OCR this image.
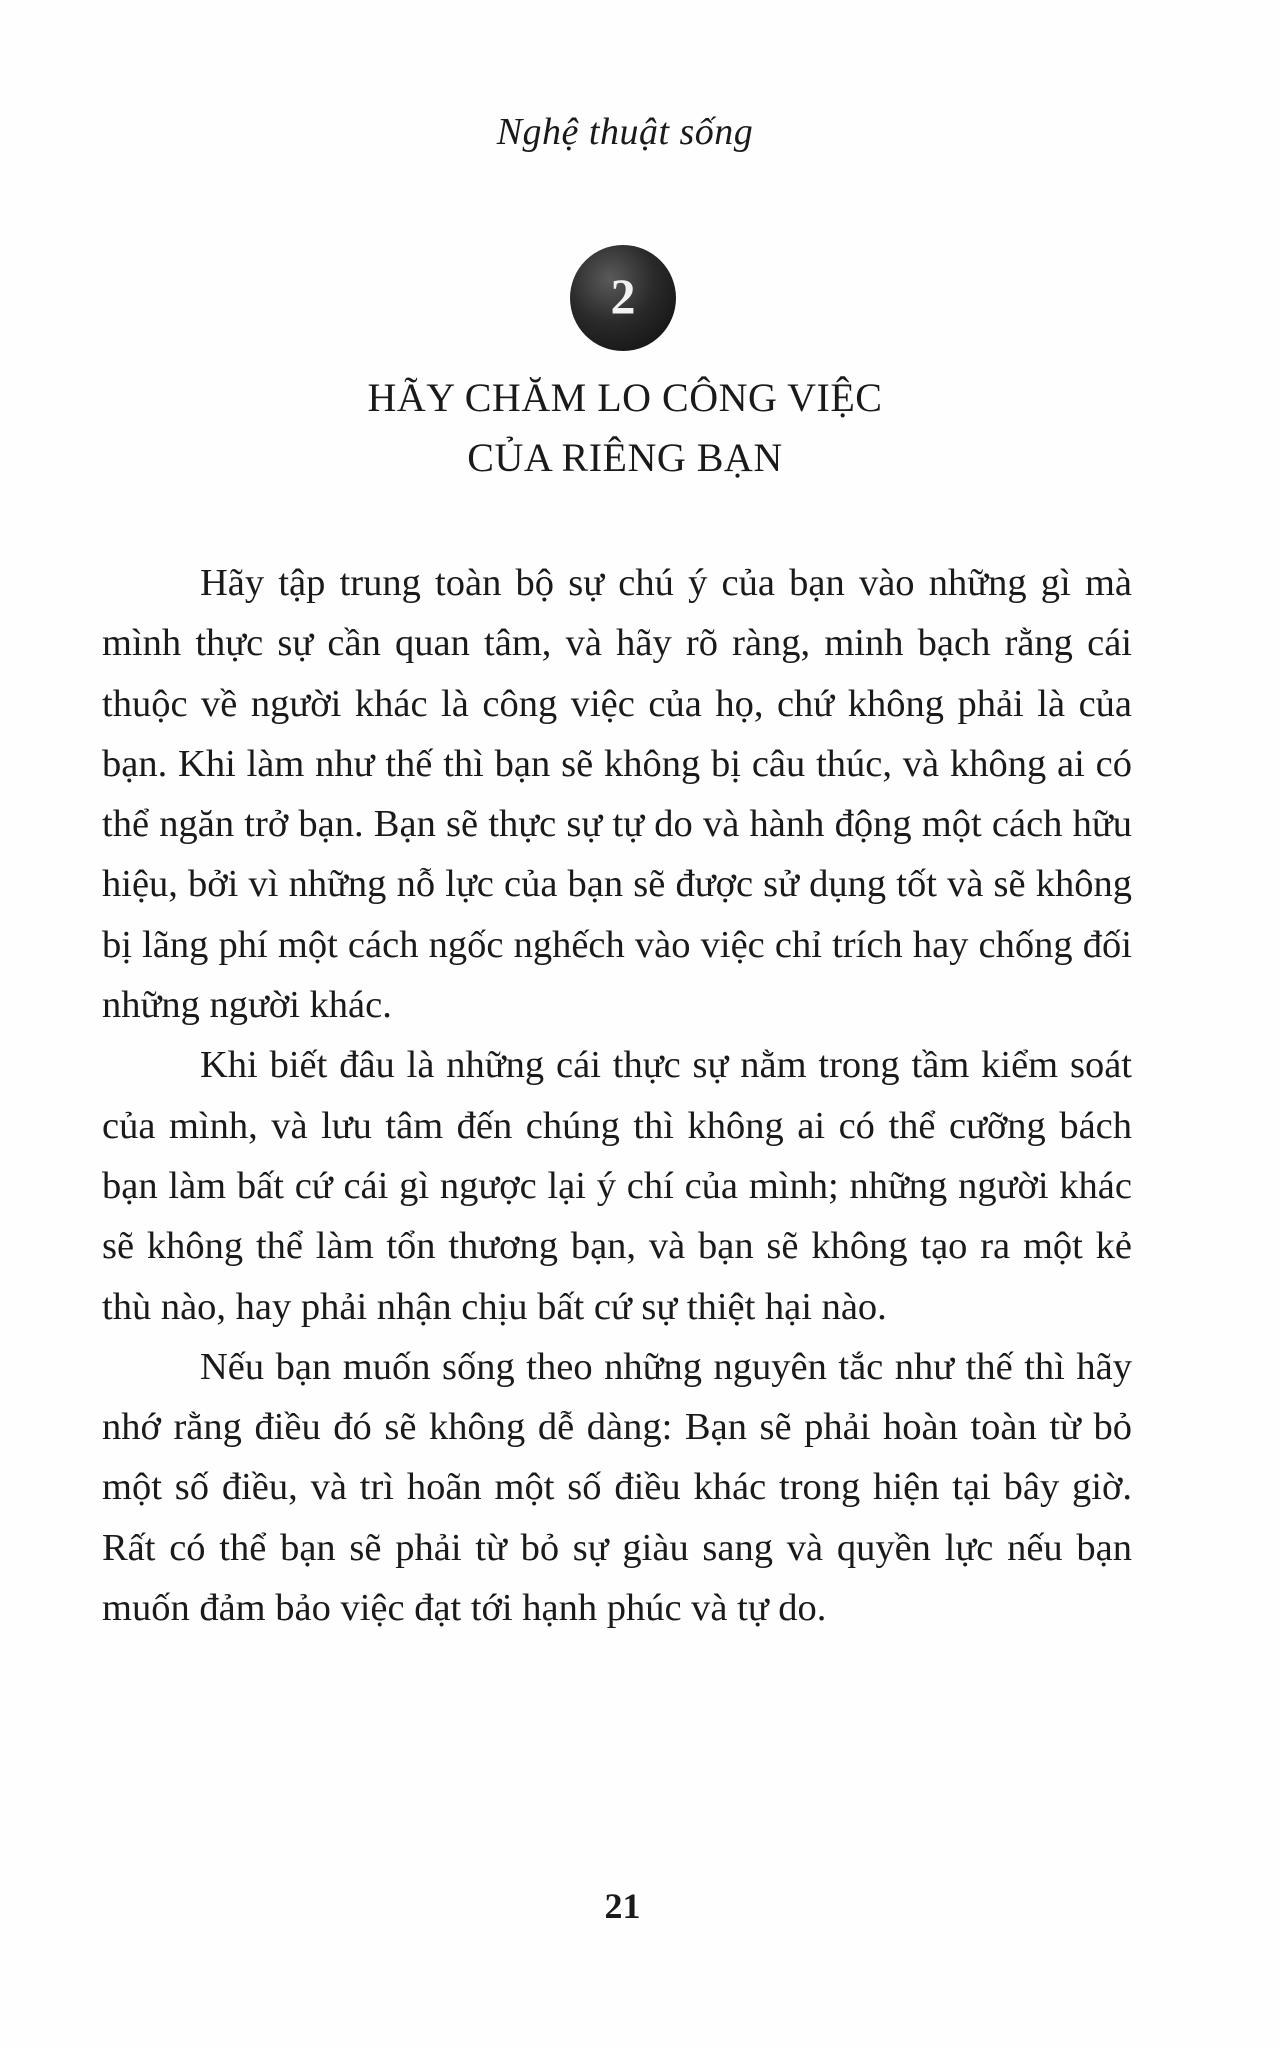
Nghệ thuật sống
2
HÃY CHĂM LO CÔNG VIỆC
CỦA RIÊNG BẠN

Hãy tập trung toàn bộ sự chú ý của bạn vào những gì mà mình thực sự cần quan tâm, và hãy rõ ràng, minh bạch rằng cái thuộc về người khác là công việc của họ, chứ không phải là của bạn. Khi làm như thế thì bạn sẽ không bị câu thúc, và không ai có thể ngăn trở bạn. Bạn sẽ thực sự tự do và hành động một cách hữu hiệu, bởi vì những nỗ lực của bạn sẽ được sử dụng tốt và sẽ không bị lãng phí một cách ngốc nghếch vào việc chỉ trích hay chống đối những người khác.

Khi biết đâu là những cái thực sự nằm trong tầm kiểm soát của mình, và lưu tâm đến chúng thì không ai có thể cưỡng bách bạn làm bất cứ cái gì ngược lại ý chí của mình; những người khác sẽ không thể làm tổn thương bạn, và bạn sẽ không tạo ra một kẻ thù nào, hay phải nhận chịu bất cứ sự thiệt hại nào.

Nếu bạn muốn sống theo những nguyên tắc như thế thì hãy nhớ rằng điều đó sẽ không dễ dàng: Bạn sẽ phải hoàn toàn từ bỏ một số điều, và trì hoãn một số điều khác trong hiện tại bây giờ. Rất có thể bạn sẽ phải từ bỏ sự giàu sang và quyền lực nếu bạn muốn đảm bảo việc đạt tới hạnh phúc và tự do.

21
